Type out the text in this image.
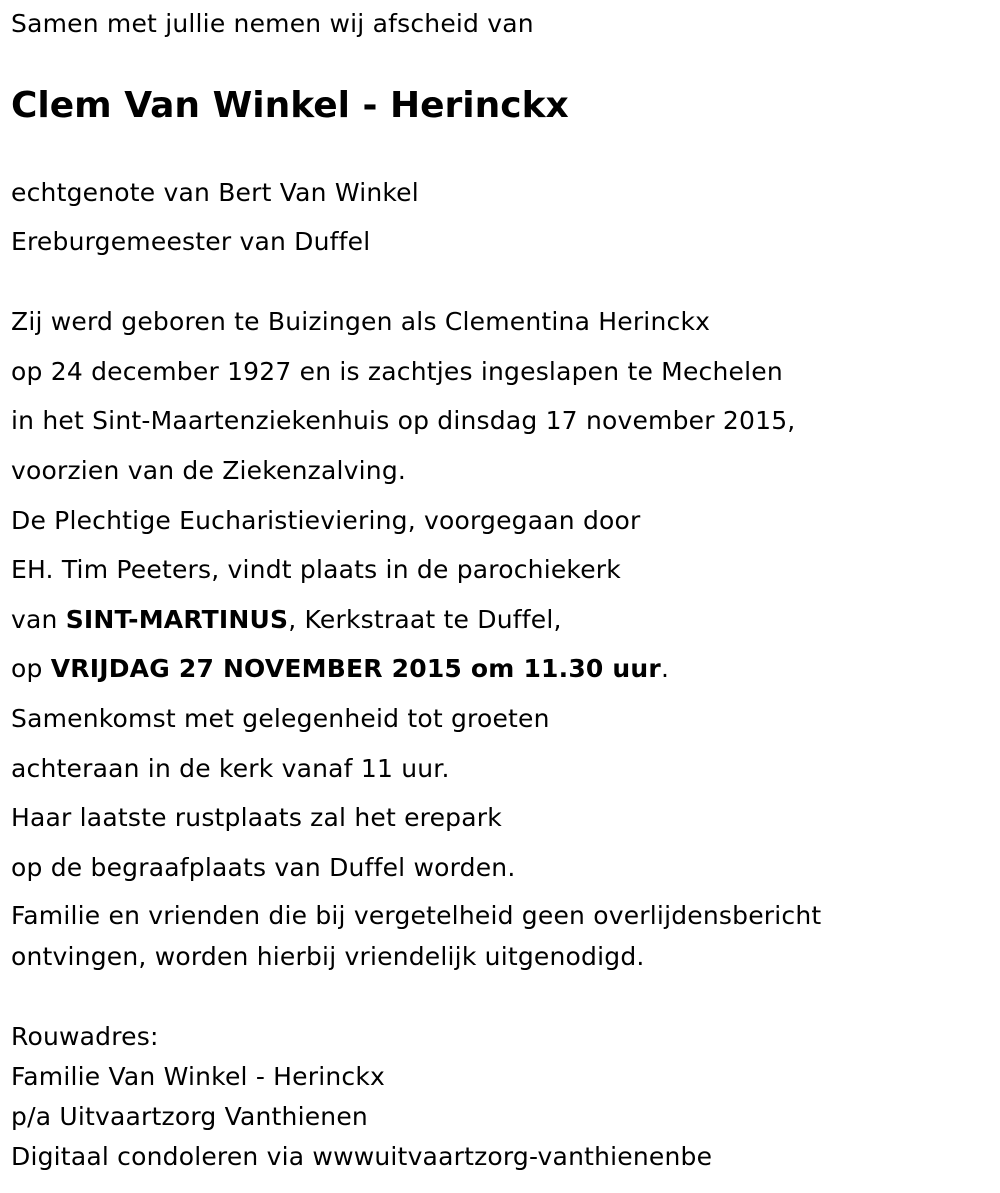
Samen met jullie nemen wij afscheid van
Clem Van Winkel - Herinckx
echtgenote van Bert Van Winkel
Ereburgemeester van Duffel
Zij werd geboren te Buizingen als Clementina Herinckx
op 24 december 1927 en is zachtjes ingeslapen te Mechelen
in het Sint-Maartenziekenhuis op dinsdag 17 november 2015,
voorzien van de Ziekenzalving.
De Plechtige Eucharistieviering, voorgegaan door
EH. Tim Peeters, vindt plaats in de parochiekerk
van SINT-MARTINUS, Kerkstraat te Duffel,
op VRIJDAG 27 NOVEMBER 2015 om 11.30 uur.
Samenkomst met gelegenheid tot groeten
achteraan in de kerk vanaf 11 uur.
Haar laatste rustplaats zal het erepark
op de begraafplaats van Duffel worden.
Familie en vrienden die bij vergetelheid geen overlijdensbericht
ontvingen, worden hierbij vriendelijk uitgenodigd.
Rouwadres:
Familie Van Winkel - Herinckx
p/a Uitvaartzorg Vanthienen
Digitaal condoleren via wwwuitvaartzorg-vanthienenbe
